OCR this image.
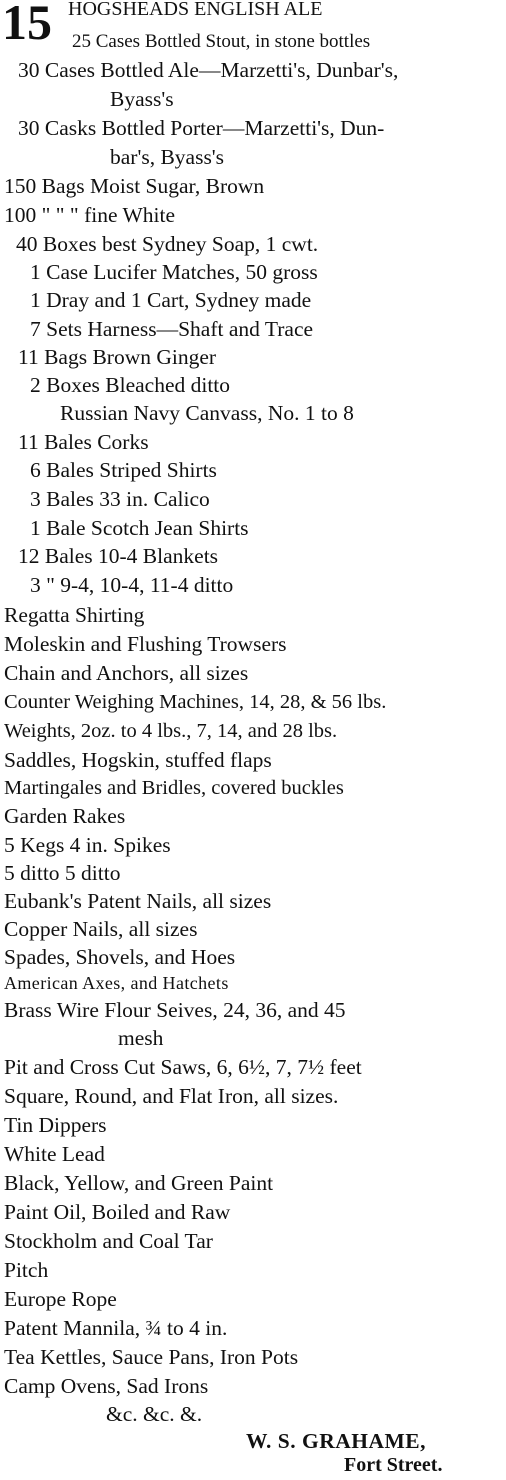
15 HOGSHEADS ENGLISH ALE
25 Cases Bottled Stout, in stone bottles
30 Cases Bottled Ale—Marzetti's, Dunbar's,
Byass's
30 Casks Bottled Porter—Marzetti's, Dun-
bar's, Byass's
150 Bags Moist Sugar, Brown
100 " " " fine White
40 Boxes best Sydney Soap, 1 cwt.
1 Case Lucifer Matches, 50 gross
1 Dray and 1 Cart, Sydney made
7 Sets Harness—Shaft and Trace
11 Bags Brown Ginger
2 Boxes Bleached ditto
Russian Navy Canvass, No. 1 to 8
11 Bales Corks
6 Bales Striped Shirts
3 Bales 33 in. Calico
1 Bale Scotch Jean Shirts
12 Bales 10-4 Blankets
3 " 9-4, 10-4, 11-4 ditto
Regatta Shirting
Moleskin and Flushing Trowsers
Chain and Anchors, all sizes
Counter Weighing Machines, 14, 28, & 56 lbs.
Weights, 2oz. to 4 lbs., 7, 14, and 28 lbs.
Saddles, Hogskin, stuffed flaps
Martingales and Bridles, covered buckles
Garden Rakes
5 Kegs 4 in. Spikes
5 ditto 5 ditto
Eubank's Patent Nails, all sizes
Copper Nails, all sizes
Spades, Shovels, and Hoes
American Axes, and Hatchets
Brass Wire Flour Seives, 24, 36, and 45
mesh
Pit and Cross Cut Saws, 6, 6½, 7, 7½ feet
Square, Round, and Flat Iron, all sizes.
Tin Dippers
White Lead
Black, Yellow, and Green Paint
Paint Oil, Boiled and Raw
Stockholm and Coal Tar
Pitch
Europe Rope
Patent Mannila, ¾ to 4 in.
Tea Kettles, Sauce Pans, Iron Pots
Camp Ovens, Sad Irons
&c. &c. &.
W. S. GRAHAME,
Fort Street.
